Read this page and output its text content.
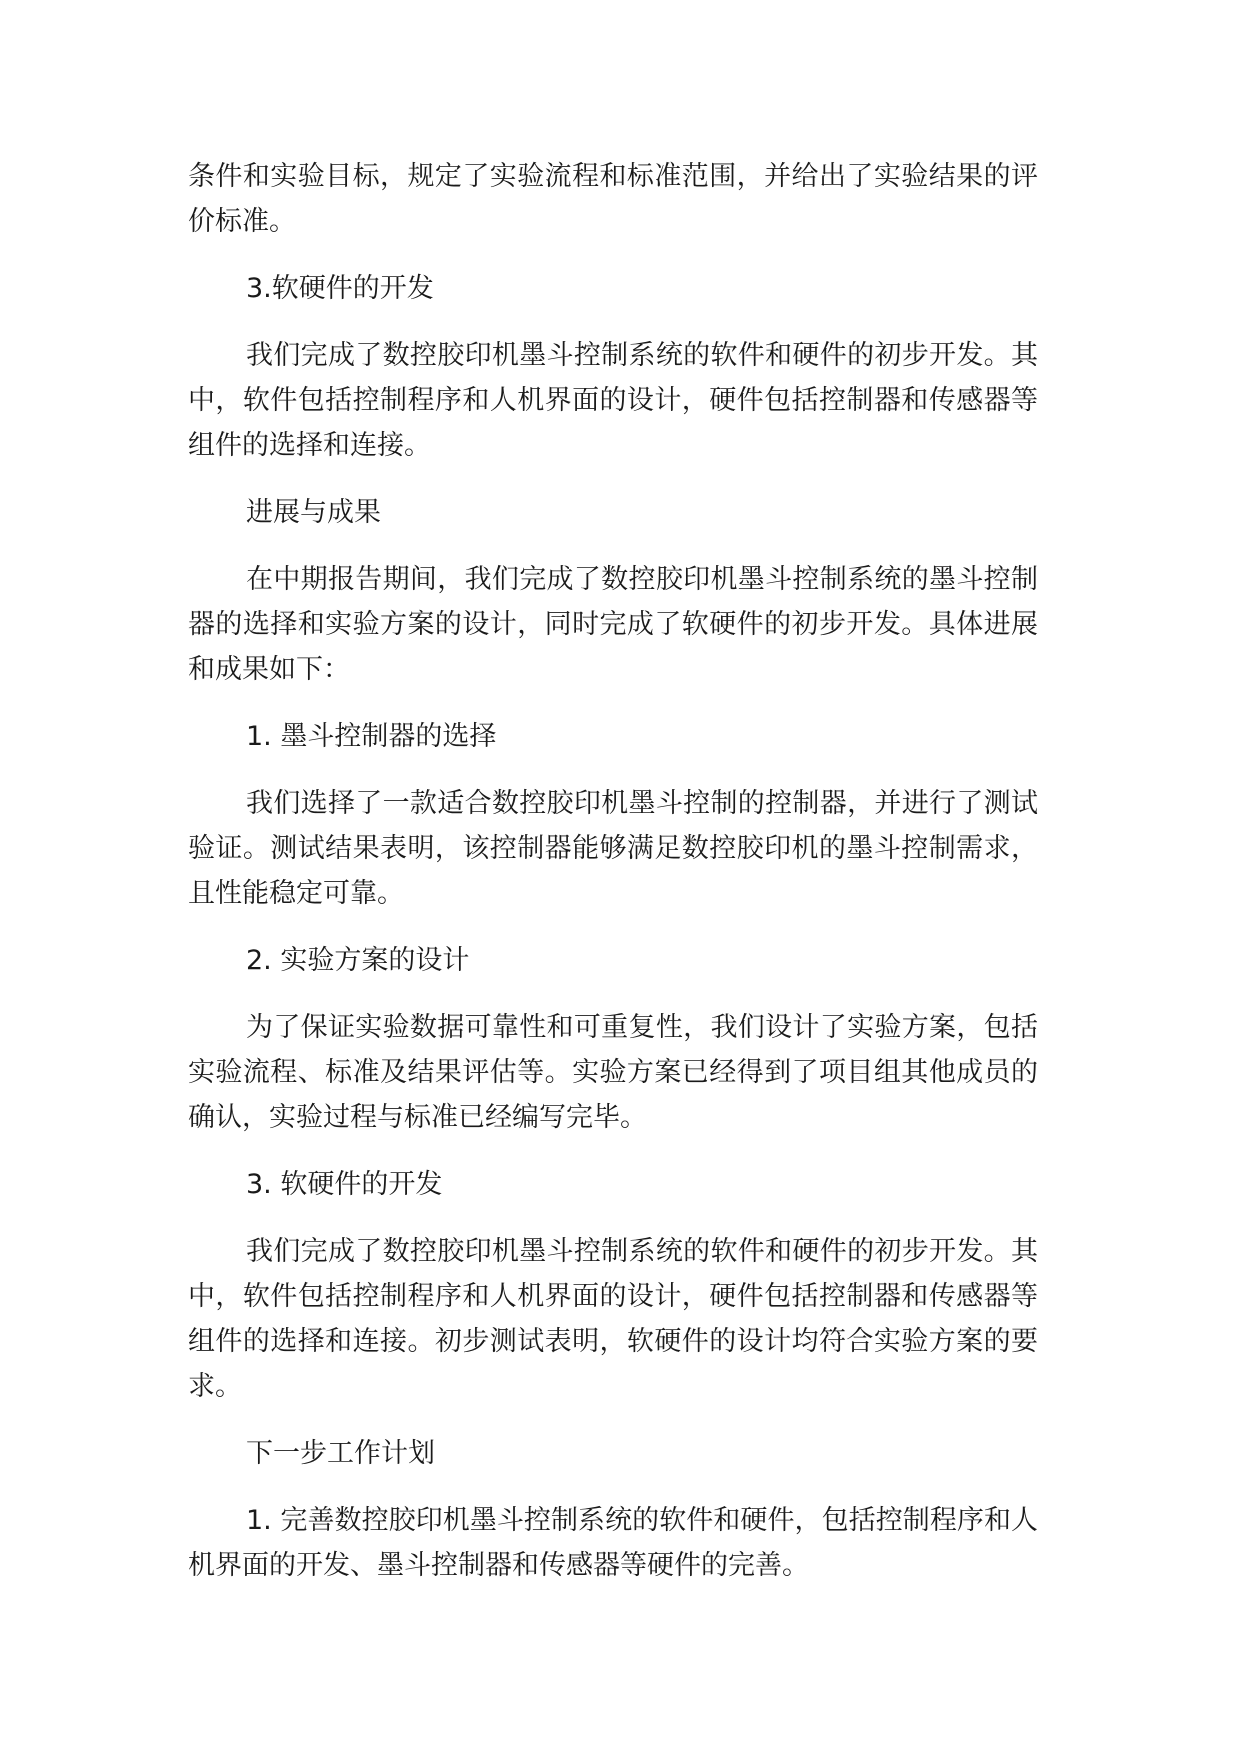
条件和实验目标，规定了实验流程和标准范围，并给出了实验结果的评价标准。

3.软硬件的开发

我们完成了数控胶印机墨斗控制系统的软件和硬件的初步开发。其中，软件包括控制程序和人机界面的设计，硬件包括控制器和传感器等组件的选择和连接。

进展与成果

在中期报告期间，我们完成了数控胶印机墨斗控制系统的墨斗控制器的选择和实验方案的设计，同时完成了软硬件的初步开发。具体进展和成果如下：

1. 墨斗控制器的选择

我们选择了一款适合数控胶印机墨斗控制的控制器，并进行了测试验证。测试结果表明，该控制器能够满足数控胶印机的墨斗控制需求，且性能稳定可靠。

2. 实验方案的设计

为了保证实验数据可靠性和可重复性，我们设计了实验方案，包括实验流程、标准及结果评估等。实验方案已经得到了项目组其他成员的确认，实验过程与标准已经编写完毕。

3. 软硬件的开发

我们完成了数控胶印机墨斗控制系统的软件和硬件的初步开发。其中，软件包括控制程序和人机界面的设计，硬件包括控制器和传感器等组件的选择和连接。初步测试表明，软硬件的设计均符合实验方案的要求。

下一步工作计划

1. 完善数控胶印机墨斗控制系统的软件和硬件，包括控制程序和人机界面的开发、墨斗控制器和传感器等硬件的完善。
